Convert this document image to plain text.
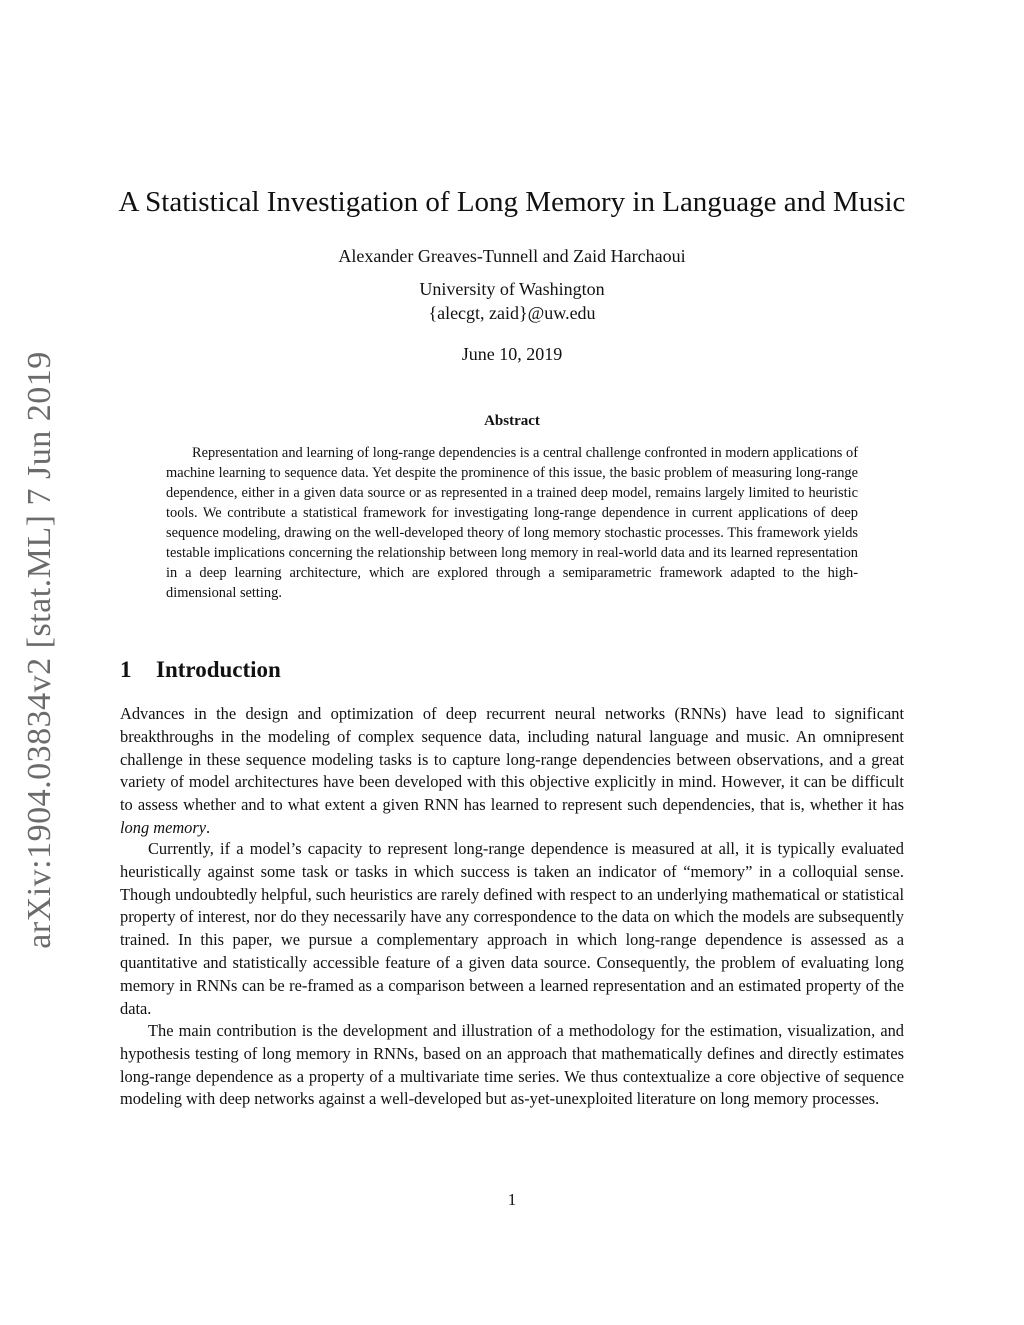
arXiv:1904.03834v2 [stat.ML] 7 Jun 2019
A Statistical Investigation of Long Memory in Language and Music
Alexander Greaves-Tunnell and Zaid Harchaoui
University of Washington
{alecgt, zaid}@uw.edu
June 10, 2019
Abstract

Representation and learning of long-range dependencies is a central challenge confronted in modern applications of machine learning to sequence data. Yet despite the prominence of this issue, the basic problem of measuring long-range dependence, either in a given data source or as represented in a trained deep model, remains largely limited to heuristic tools. We contribute a statistical framework for investigating long-range dependence in current applications of deep sequence modeling, drawing on the well-developed theory of long memory stochastic processes. This framework yields testable implications concerning the relationship between long memory in real-world data and its learned representation in a deep learning architecture, which are explored through a semiparametric framework adapted to the high-dimensional setting.

1 Introduction

Advances in the design and optimization of deep recurrent neural networks (RNNs) have lead to significant breakthroughs in the modeling of complex sequence data, including natural language and music. An omnipresent challenge in these sequence modeling tasks is to capture long-range dependencies between observations, and a great variety of model architectures have been developed with this objective explicitly in mind. However, it can be difficult to assess whether and to what extent a given RNN has learned to represent such dependencies, that is, whether it has long memory.

Currently, if a model’s capacity to represent long-range dependence is measured at all, it is typically evaluated heuristically against some task or tasks in which success is taken an indicator of “memory” in a colloquial sense. Though undoubtedly helpful, such heuristics are rarely defined with respect to an underlying mathematical or statistical property of interest, nor do they necessarily have any correspondence to the data on which the models are subsequently trained. In this paper, we pursue a complementary approach in which long-range dependence is assessed as a quantitative and statistically accessible feature of a given data source. Consequently, the problem of evaluating long memory in RNNs can be re-framed as a comparison between a learned representation and an estimated property of the data.

The main contribution is the development and illustration of a methodology for the estimation, visualization, and hypothesis testing of long memory in RNNs, based on an approach that mathematically defines and directly estimates long-range dependence as a property of a multivariate time series. We thus contextualize a core objective of sequence modeling with deep networks against a well-developed but as-yet-unexploited literature on long memory processes.

1
